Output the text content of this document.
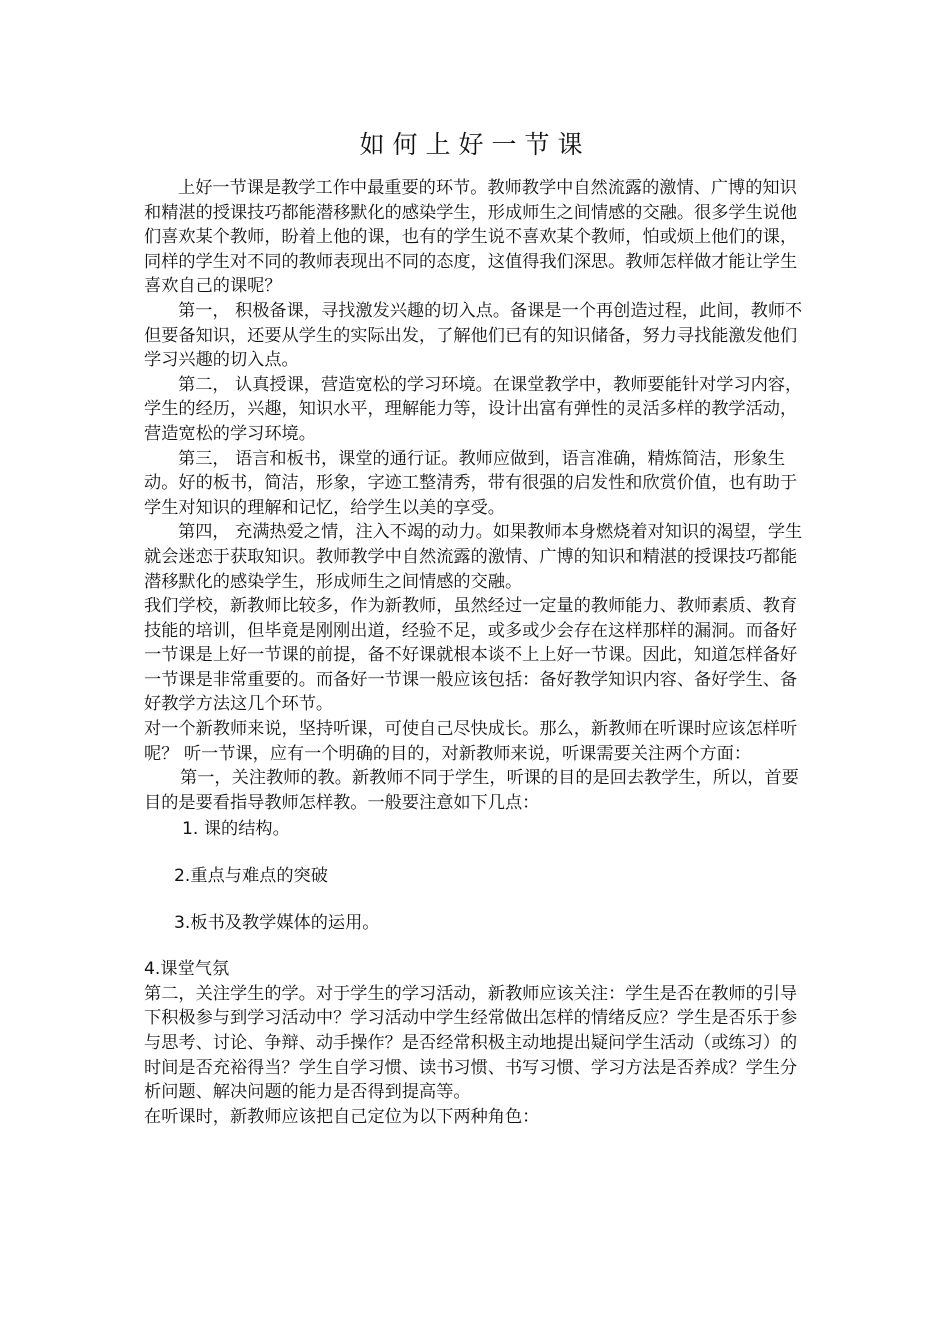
如何上好一节课

上好一节课是教学工作中最重要的环节。教师教学中自然流露的激情、广博的知识和精湛的授课技巧都能潜移默化的感染学生，形成师生之间情感的交融。很多学生说他们喜欢某个教师，盼着上他的课，也有的学生说不喜欢某个教师，怕或烦上他们的课，同样的学生对不同的教师表现出不同的态度，这值得我们深思。教师怎样做才能让学生喜欢自己的课呢？

第一， 积极备课，寻找激发兴趣的切入点。备课是一个再创造过程，此间，教师不但要备知识，还要从学生的实际出发，了解他们已有的知识储备，努力寻找能激发他们学习兴趣的切入点。

第二， 认真授课，营造宽松的学习环境。在课堂教学中，教师要能针对学习内容，学生的经历，兴趣，知识水平，理解能力等，设计出富有弹性的灵活多样的教学活动，营造宽松的学习环境。

第三， 语言和板书，课堂的通行证。教师应做到，语言准确，精炼简洁，形象生动。好的板书，简洁，形象，字迹工整清秀，带有很强的启发性和欣赏价值，也有助于学生对知识的理解和记忆，给学生以美的享受。

第四， 充满热爱之情，注入不竭的动力。如果教师本身燃烧着对知识的渴望，学生就会迷恋于获取知识。教师教学中自然流露的激情、广博的知识和精湛的授课技巧都能潜移默化的感染学生，形成师生之间情感的交融。

我们学校，新教师比较多，作为新教师，虽然经过一定量的教师能力、教师素质、教育技能的培训，但毕竟是刚刚出道，经验不足，或多或少会存在这样那样的漏洞。而备好一节课是上好一节课的前提，备不好课就根本谈不上上好一节课。因此，知道怎样备好一节课是非常重要的。而备好一节课一般应该包括：备好教学知识内容、备好学生、备好教学方法这几个环节。

对一个新教师来说，坚持听课，可使自己尽快成长。那么，新教师在听课时应该怎样听呢？ 听一节课，应有一个明确的目的，对新教师来说，听课需要关注两个方面：

第一，关注教师的教。新教师不同于学生，听课的目的是回去教学生，所以，首要目的是要看指导教师怎样教。一般要注意如下几点：

1. 课的结构。

2.重点与难点的突破

3.板书及教学媒体的运用。

4.课堂气氛

第二，关注学生的学。对于学生的学习活动，新教师应该关注：学生是否在教师的引导下积极参与到学习活动中？学习活动中学生经常做出怎样的情绪反应？学生是否乐于参与思考、讨论、争辩、动手操作？是否经常积极主动地提出疑问学生活动（或练习）的时间是否充裕得当？学生自学习惯、读书习惯、书写习惯、学习方法是否养成？学生分析问题、解决问题的能力是否得到提高等。

在听课时，新教师应该把自己定位为以下两种角色：
